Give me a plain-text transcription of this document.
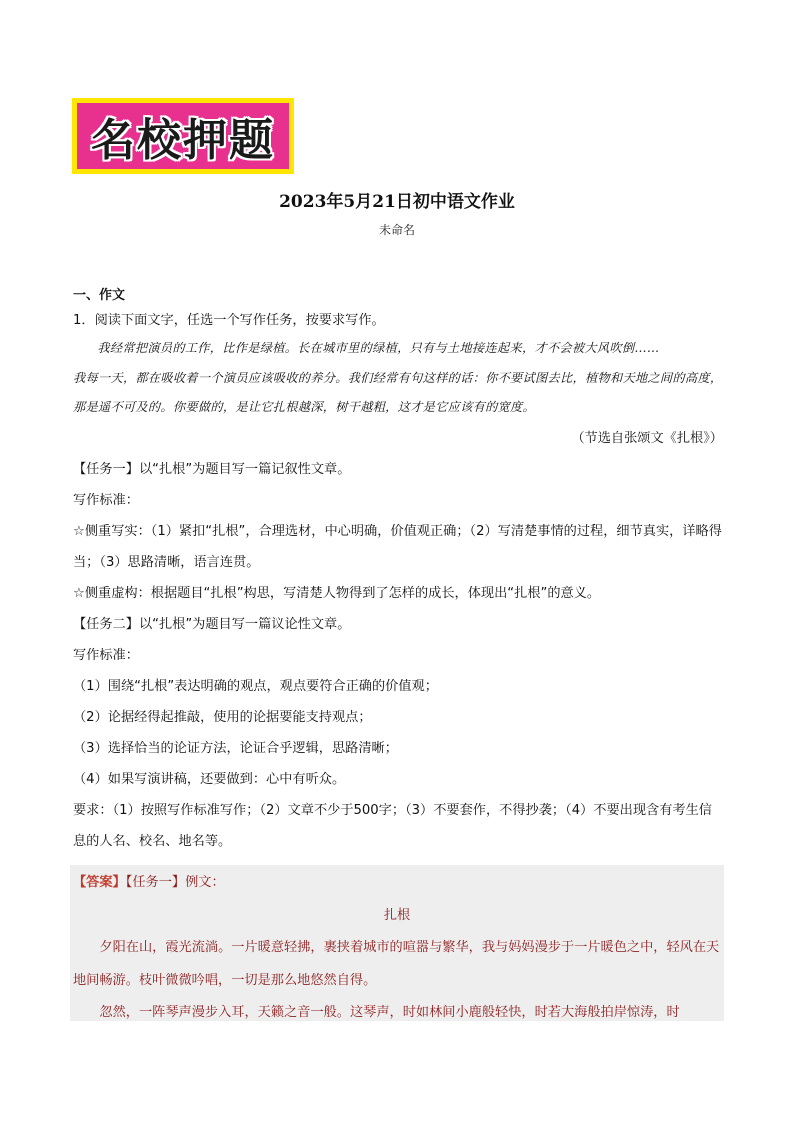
名校押题
2023年5月21日初中语文作业
未命名

一、作文

1．阅读下面文字，任选一个写作任务，按要求写作。

我经常把演员的工作，比作是绿植。长在城市里的绿植，只有与土地接连起来，才不会被大风吹倒……

我每一天，都在吸收着一个演员应该吸收的养分。我们经常有句这样的话：你不要试图去比，植物和天地之间的高度，那是遥不可及的。你要做的，是让它扎根越深，树干越粗，这才是它应该有的宽度。

（节选自张颂文《扎根》）

【任务一】以“扎根”为题目写一篇记叙性文章。

写作标准：

☆侧重写实：（1）紧扣“扎根”，合理选材，中心明确，价值观正确；（2）写清楚事情的过程，细节真实，详略得当；（3）思路清晰，语言连贯。

☆侧重虚构：根据题目“扎根”构思，写清楚人物得到了怎样的成长，体现出“扎根”的意义。

【任务二】以“扎根”为题目写一篇议论性文章。

写作标准：

（1）围绕“扎根”表达明确的观点，观点要符合正确的价值观；

（2）论据经得起推敲，使用的论据要能支持观点；

（3）选择恰当的论证方法，论证合乎逻辑，思路清晰；

（4）如果写演讲稿，还要做到：心中有听众。

要求：（1）按照写作标准写作；（2）文章不少于500字；（3）不要套作，不得抄袭；（4）不要出现含有考生信息的人名、校名、地名等。

【答案】【任务一】例文：

扎根

夕阳在山，霞光流淌。一片暖意轻拂，裹挟着城市的喧嚣与繁华，我与妈妈漫步于一片暖色之中，轻风在天地间畅游。枝叶微微吟唱，一切是那么地悠然自得。

忽然，一阵琴声漫步入耳，天籁之音一般。这琴声，时如林间小鹿般轻快，时若大海般拍岸惊涛，时
